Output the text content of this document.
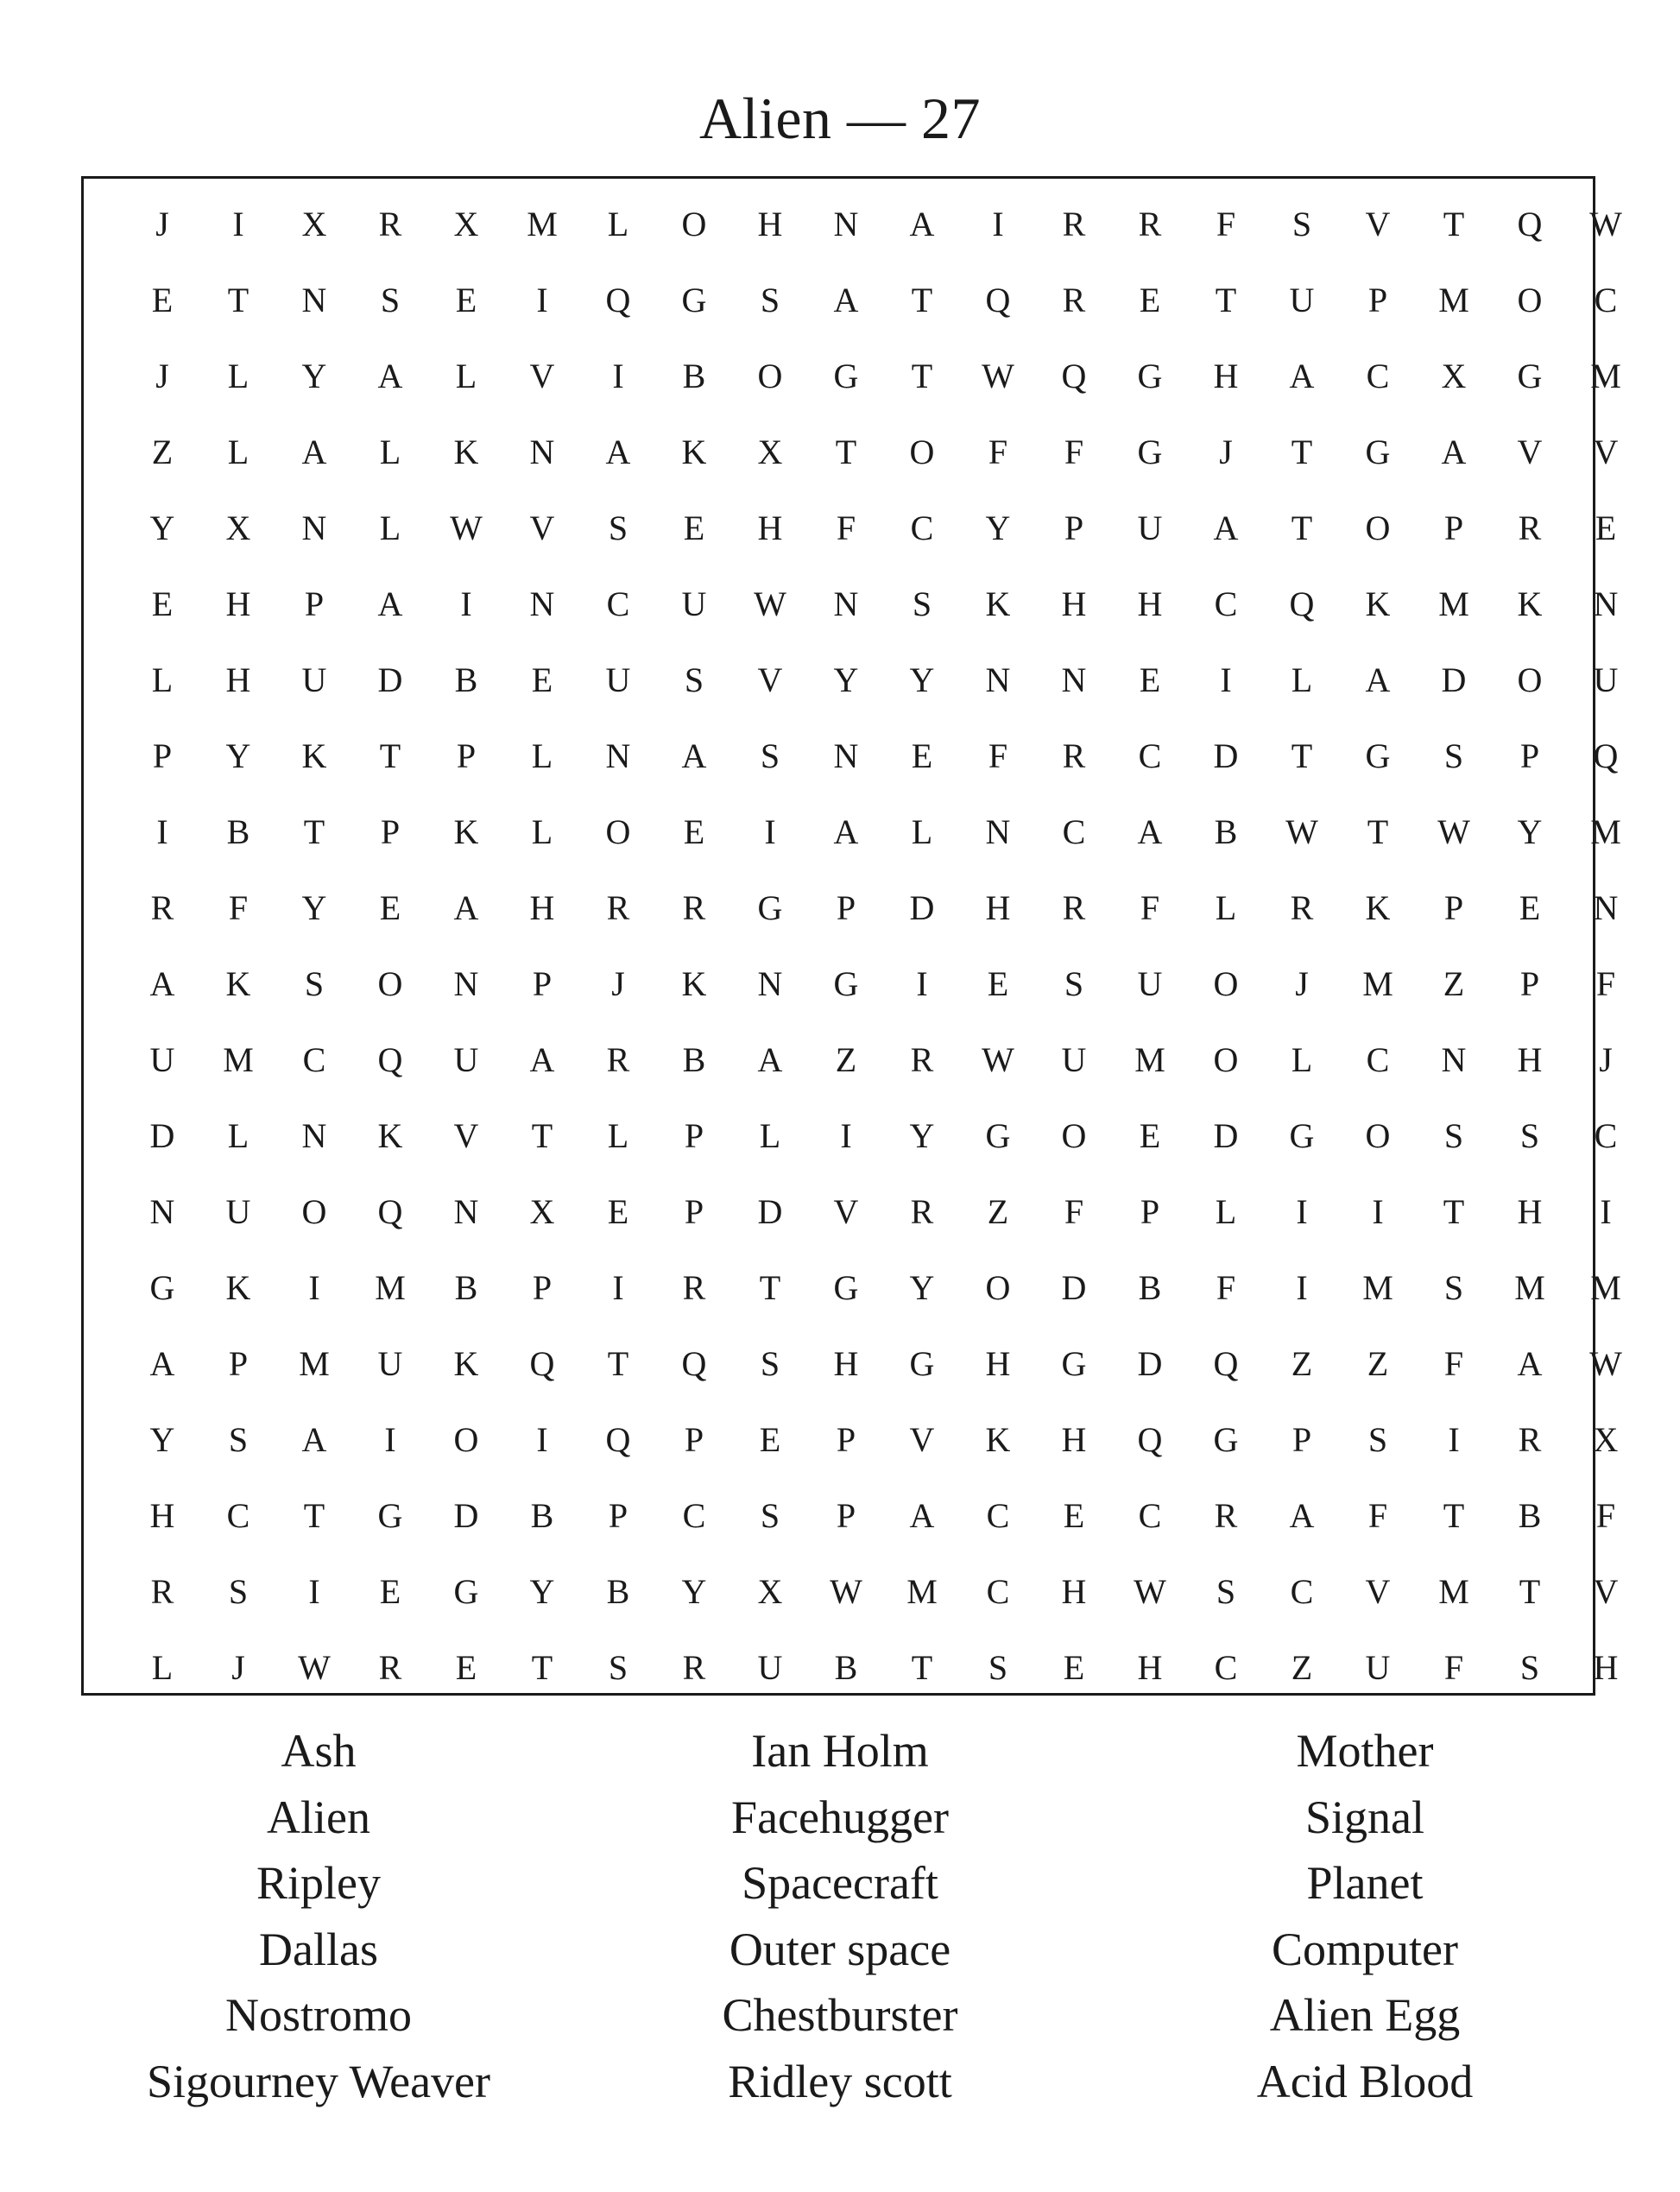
Alien — 27
J	I	X	R	X	M	L	O	H	N	A	I	R	R	F	S	V	T	Q	W
E	T	N	S	E	I	Q	G	S	A	T	Q	R	E	T	U	P	M	O	C
J	L	Y	A	L	V	I	B	O	G	T	W	Q	G	H	A	C	X	G	M
Z	L	A	L	K	N	A	K	X	T	O	F	F	G	J	T	G	A	V	V
Y	X	N	L	W	V	S	E	H	F	C	Y	P	U	A	T	O	P	R	E
E	H	P	A	I	N	C	U	W	N	S	K	H	H	C	Q	K	M	K	N
L	H	U	D	B	E	U	S	V	Y	Y	N	N	E	I	L	A	D	O	U
P	Y	K	T	P	L	N	A	S	N	E	F	R	C	D	T	G	S	P	Q
I	B	T	P	K	L	O	E	I	A	L	N	C	A	B	W	T	W	Y	M
R	F	Y	E	A	H	R	R	G	P	D	H	R	F	L	R	K	P	E	N
A	K	S	O	N	P	J	K	N	G	I	E	S	U	O	J	M	Z	P	F
U	M	C	Q	U	A	R	B	A	Z	R	W	U	M	O	L	C	N	H	J
D	L	N	K	V	T	L	P	L	I	Y	G	O	E	D	G	O	S	S	C
N	U	O	Q	N	X	E	P	D	V	R	Z	F	P	L	I	I	T	H	I
G	K	I	M	B	P	I	R	T	G	Y	O	D	B	F	I	M	S	M	M
A	P	M	U	K	Q	T	Q	S	H	G	H	G	D	Q	Z	Z	F	A	W
Y	S	A	I	O	I	Q	P	E	P	V	K	H	Q	G	P	S	I	R	X
H	C	T	G	D	B	P	C	S	P	A	C	E	C	R	A	F	T	B	F
R	S	I	E	G	Y	B	Y	X	W	M	C	H	W	S	C	V	M	T	V
L	J	W	R	E	T	S	R	U	B	T	S	E	H	C	Z	U	F	S	H
Ash
Alien
Ripley
Dallas
Nostromo
Sigourney Weaver
Ian Holm
Facehugger
Spacecraft
Outer space
Chestburster
Ridley scott
Mother
Signal
Planet
Computer
Alien Egg
Acid Blood
